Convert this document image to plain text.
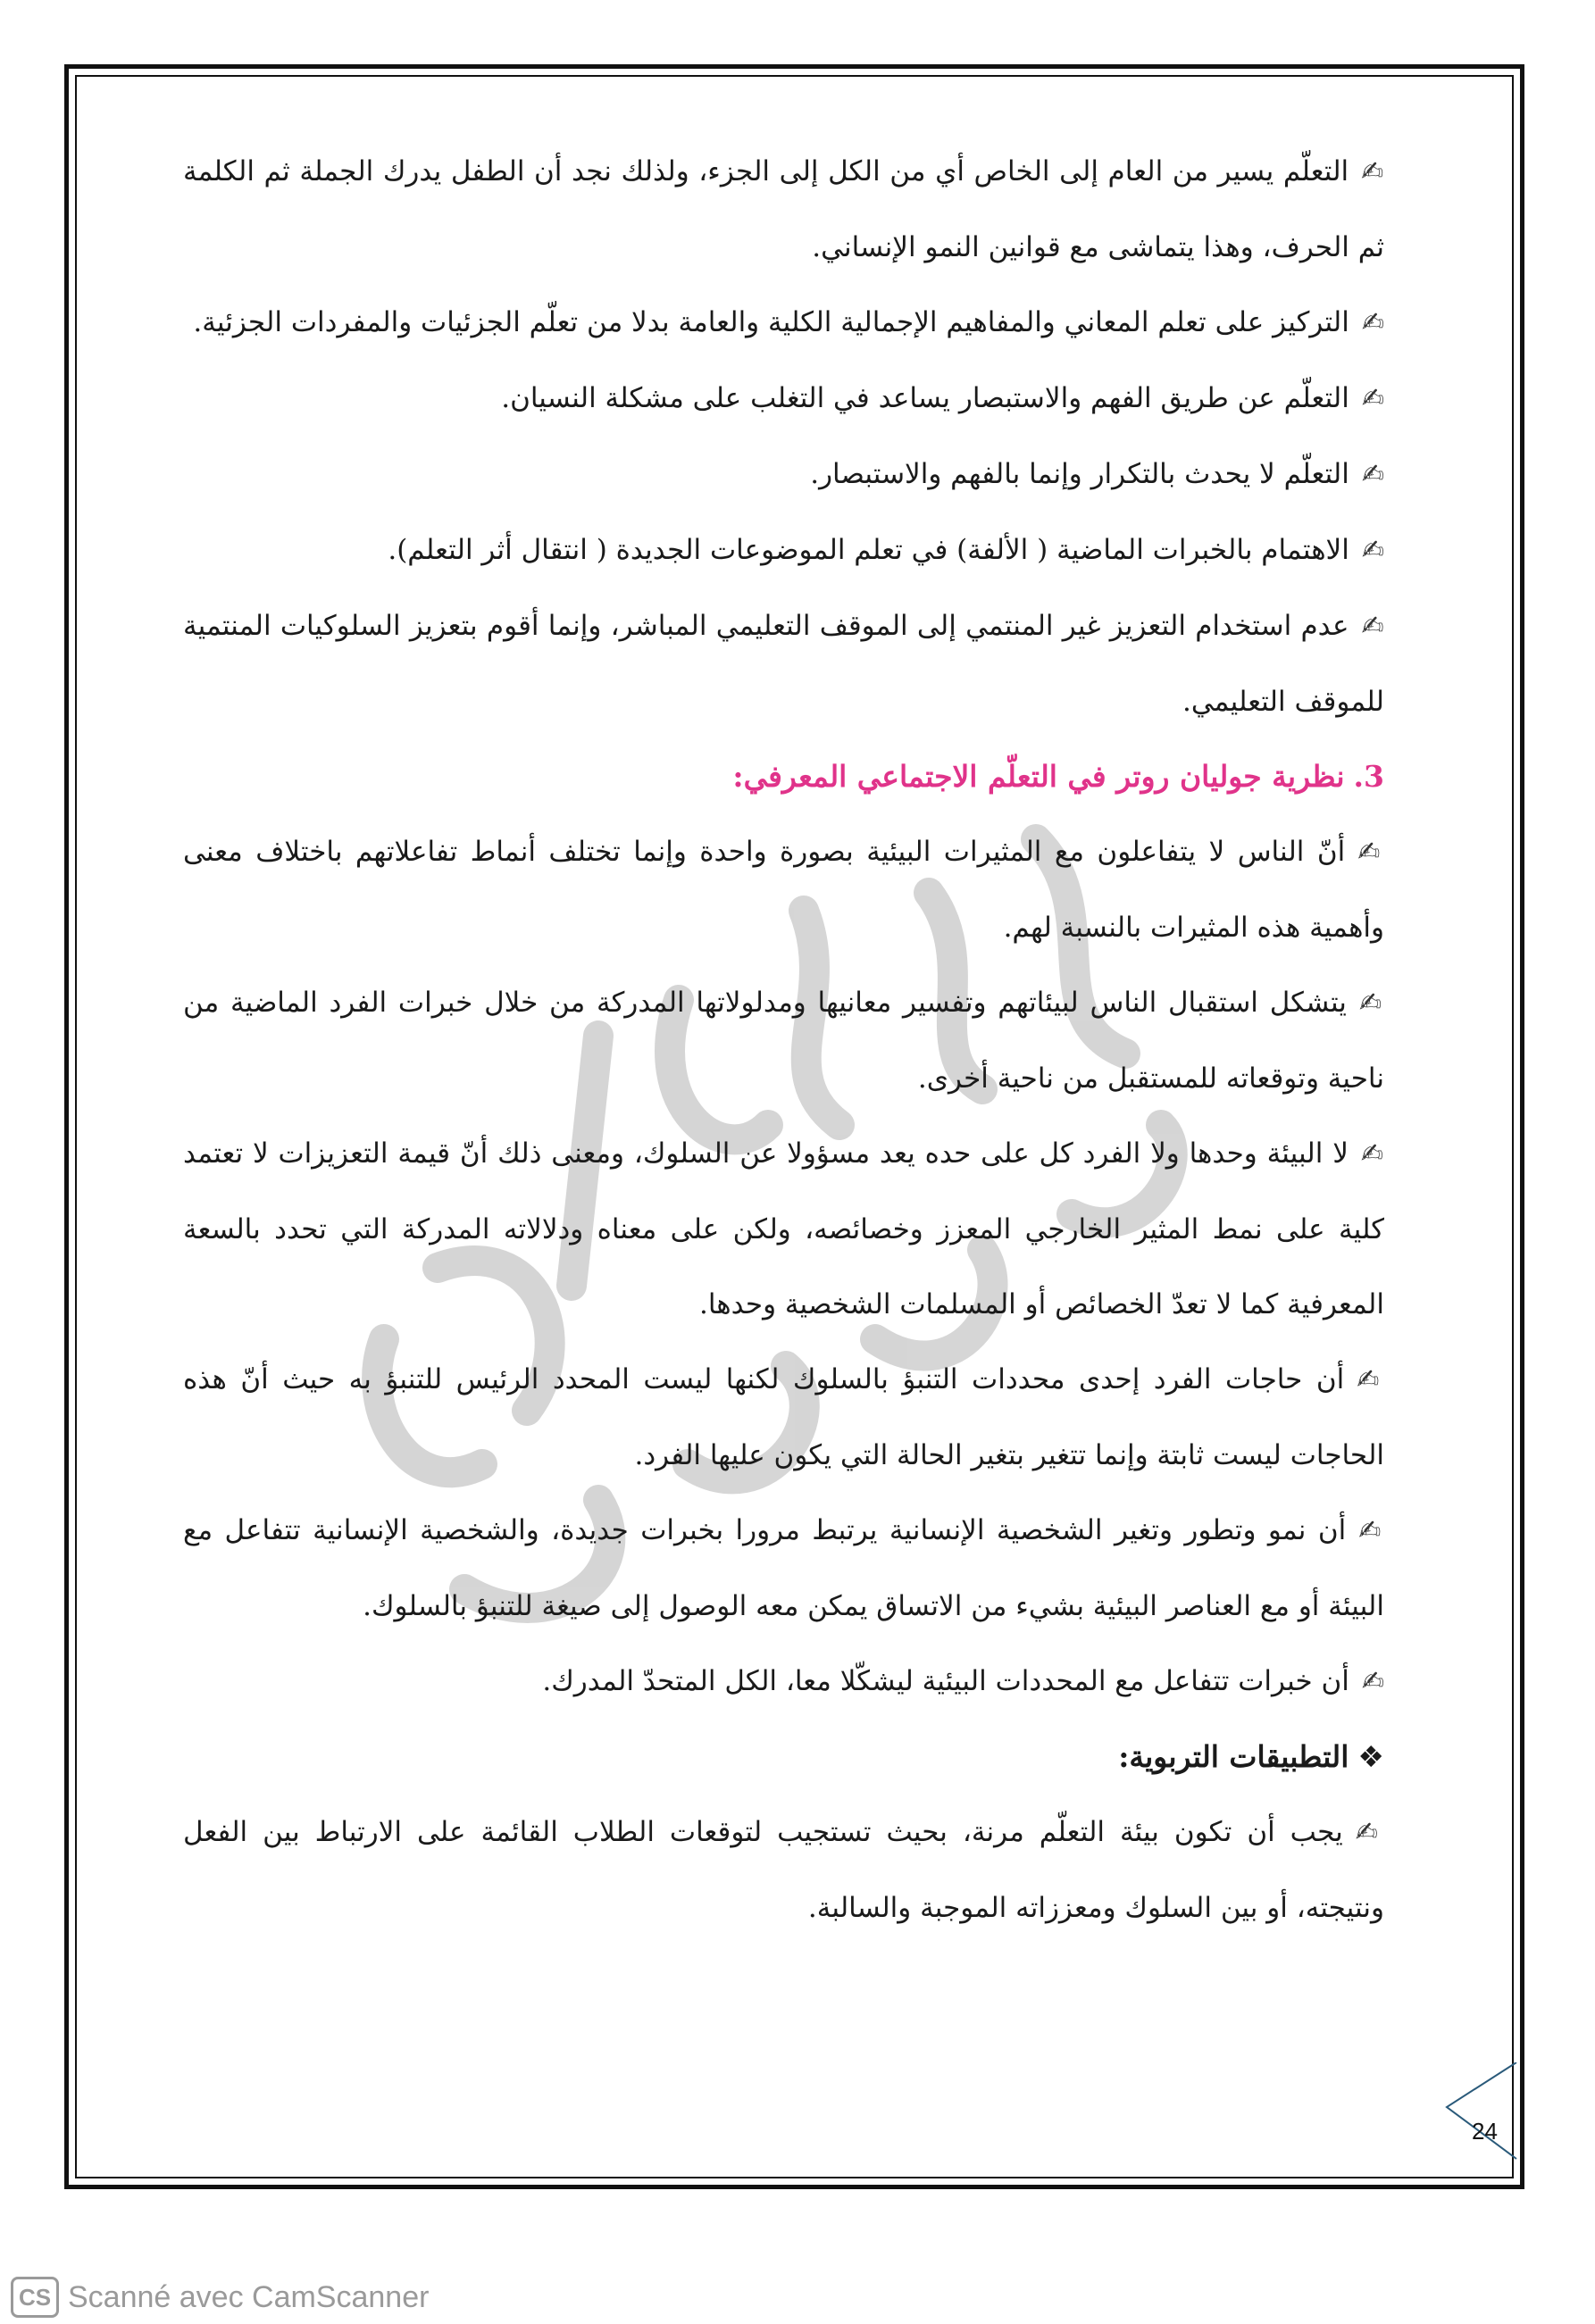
✍التعلّم يسير من العام إلى الخاص أي من الكل إلى الجزء، ولذلك نجد أن الطفل يدرك الجملة ثم الكلمة ثم الحرف، وهذا يتماشى مع قوانين النمو الإنساني.

✍التركيز على تعلم المعاني والمفاهيم الإجمالية الكلية والعامة بدلا من تعلّم الجزئيات والمفردات الجزئية.

✍التعلّم عن طريق الفهم والاستبصار يساعد في التغلب على مشكلة النسيان.

✍التعلّم لا يحدث بالتكرار وإنما بالفهم والاستبصار.

✍الاهتمام بالخبرات الماضية ( الألفة) في تعلم الموضوعات الجديدة ( انتقال أثر التعلم).

✍عدم استخدام التعزيز غير المنتمي إلى الموقف التعليمي المباشر، وإنما أقوم بتعزيز السلوكيات المنتمية للموقف التعليمي.

3.نظرية جوليان روتر في التعلّم الاجتماعي المعرفي:

✍أنّ الناس لا يتفاعلون مع المثيرات البيئية بصورة واحدة وإنما تختلف أنماط تفاعلاتهم باختلاف معنى وأهمية هذه المثيرات بالنسبة لهم.

✍يتشكل استقبال الناس لبيئاتهم وتفسير معانيها ومدلولاتها المدركة من خلال خبرات الفرد الماضية من ناحية وتوقعاته للمستقبل من ناحية أخرى.

✍لا البيئة وحدها ولا الفرد كل على حده يعد مسؤولا عن السلوك، ومعنى ذلك أنّ قيمة التعزيزات لا تعتمد كلية على نمط المثير الخارجي المعزز وخصائصه، ولكن على معناه ودلالاته المدركة التي تحدد بالسعة المعرفية كما لا تعدّ الخصائص أو المسلمات الشخصية وحدها.

✍أن حاجات الفرد إحدى محددات التنبؤ بالسلوك لكنها ليست المحدد الرئيس للتنبؤ به حيث أنّ هذه الحاجات ليست ثابتة وإنما تتغير بتغير الحالة التي يكون عليها الفرد.

✍أن نمو وتطور وتغير الشخصية الإنسانية يرتبط مرورا بخبرات جديدة، والشخصية الإنسانية تتفاعل مع البيئة أو مع العناصر البيئية بشيء من الاتساق يمكن معه الوصول إلى صيغة للتنبؤ بالسلوك.

✍أن خبرات تتفاعل مع المحددات البيئية ليشكّلا معا، الكل المتحدّ المدرك.

❖التطبيقات التربوية:

✍يجب أن تكون بيئة التعلّم مرنة، بحيث تستجيب لتوقعات الطلاب القائمة على الارتباط بين الفعل ونتيجته، أو بين السلوك ومعززاته الموجبة والسالبة.

24
CS Scanné avec CamScanner
